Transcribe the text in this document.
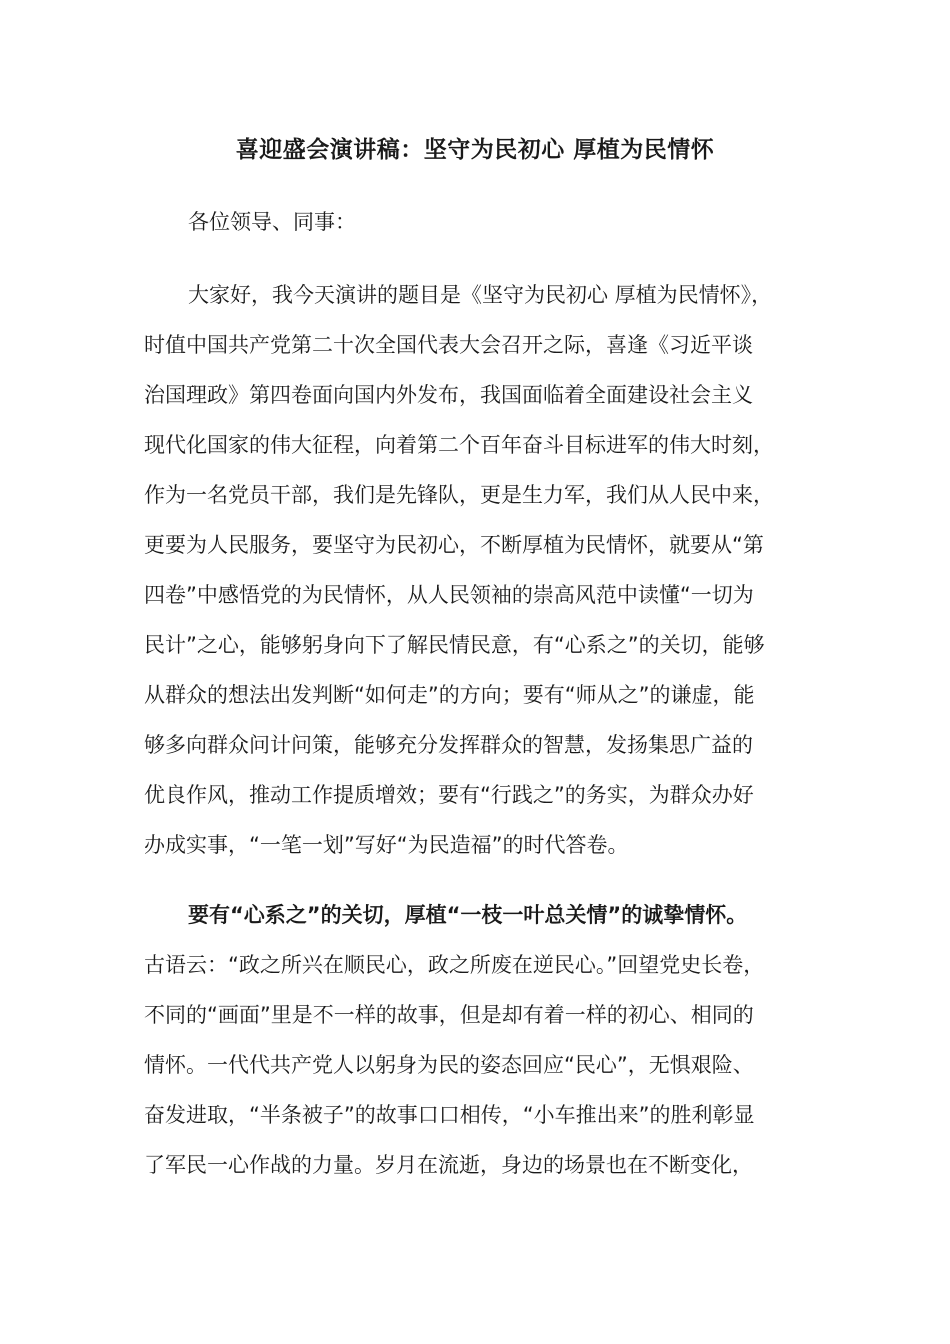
喜迎盛会演讲稿：坚守为民初心 厚植为民情怀

各位领导、同事：

大家好，我今天演讲的题目是《坚守为民初心 厚植为民情怀》，
时值中国共产党第二十次全国代表大会召开之际，喜逢《习近平谈
治国理政》第四卷面向国内外发布，我国面临着全面建设社会主义
现代化国家的伟大征程，向着第二个百年奋斗目标进军的伟大时刻，
作为一名党员干部，我们是先锋队，更是生力军，我们从人民中来，
更要为人民服务，要坚守为民初心，不断厚植为民情怀，就要从“第
四卷”中感悟党的为民情怀，从人民领袖的崇高风范中读懂“一切为
民计”之心，能够躬身向下了解民情民意，有“心系之”的关切，能够
从群众的想法出发判断“如何走”的方向；要有“师从之”的谦虚，能
够多向群众问计问策，能够充分发挥群众的智慧，发扬集思广益的
优良作风，推动工作提质增效；要有“行践之”的务实，为群众办好
办成实事，“一笔一划”写好“为民造福”的时代答卷。
要有“心系之”的关切，厚植“一枝一叶总关情”的诚挚情怀。
古语云：“政之所兴在顺民心，政之所废在逆民心。”回望党史长卷，
不同的“画面”里是不一样的故事，但是却有着一样的初心、相同的
情怀。一代代共产党人以躬身为民的姿态回应“民心”，无惧艰险、
奋发进取，“半条被子”的故事口口相传，“小车推出来”的胜利彰显
了军民一心作战的力量。岁月在流逝，身边的场景也在不断变化，
